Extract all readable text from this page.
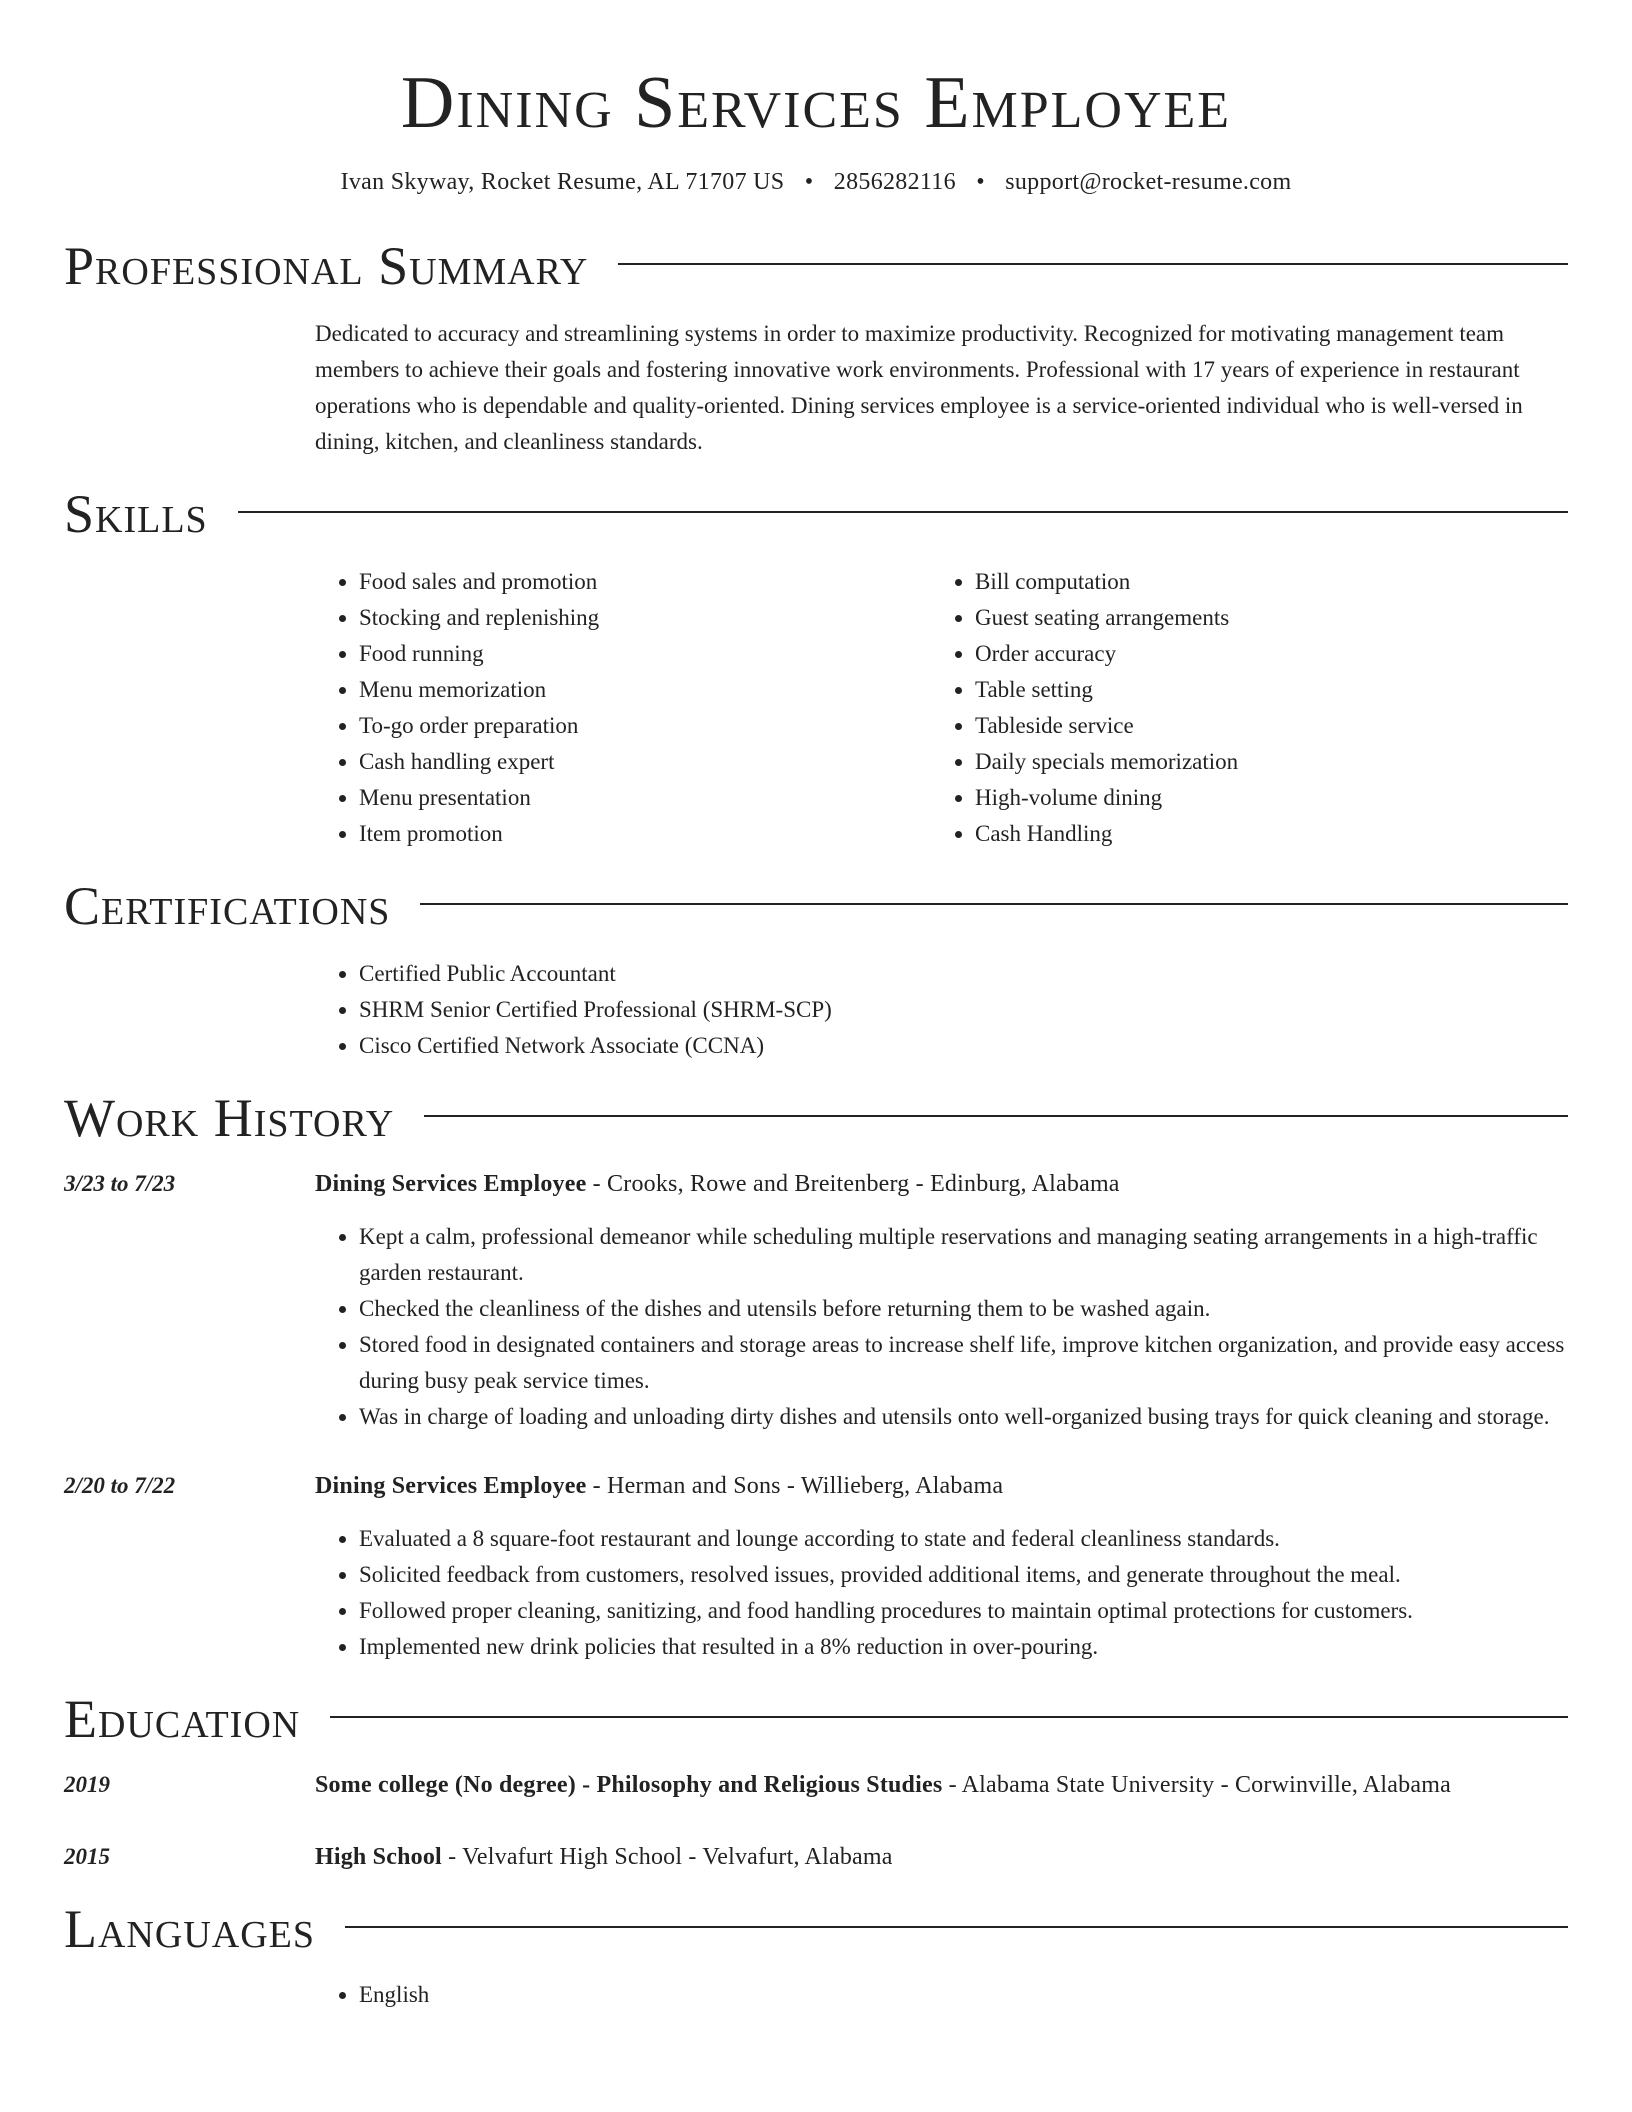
Dining Services Employee
Ivan Skyway, Rocket Resume, AL 71707 US • 2856282116 • support@rocket-resume.com
Professional Summary
Dedicated to accuracy and streamlining systems in order to maximize productivity. Recognized for motivating management team members to achieve their goals and fostering innovative work environments. Professional with 17 years of experience in restaurant operations who is dependable and quality-oriented. Dining services employee is a service-oriented individual who is well-versed in dining, kitchen, and cleanliness standards.
Skills
• Food sales and promotion
• Stocking and replenishing
• Food running
• Menu memorization
• To-go order preparation
• Cash handling expert
• Menu presentation
• Item promotion
• Bill computation
• Guest seating arrangements
• Order accuracy
• Table setting
• Tableside service
• Daily specials memorization
• High-volume dining
• Cash Handling
Certifications
• Certified Public Accountant
• SHRM Senior Certified Professional (SHRM-SCP)
• Cisco Certified Network Associate (CCNA)
Work History
3/23 to 7/23	Dining Services Employee - Crooks, Rowe and Breitenberg - Edinburg, Alabama
• Kept a calm, professional demeanor while scheduling multiple reservations and managing seating arrangements in a high-traffic garden restaurant.
• Checked the cleanliness of the dishes and utensils before returning them to be washed again.
• Stored food in designated containers and storage areas to increase shelf life, improve kitchen organization, and provide easy access during busy peak service times.
• Was in charge of loading and unloading dirty dishes and utensils onto well-organized busing trays for quick cleaning and storage.
2/20 to 7/22	Dining Services Employee - Herman and Sons - Willieberg, Alabama
• Evaluated a 8 square-foot restaurant and lounge according to state and federal cleanliness standards.
• Solicited feedback from customers, resolved issues, provided additional items, and generate throughout the meal.
• Followed proper cleaning, sanitizing, and food handling procedures to maintain optimal protections for customers.
• Implemented new drink policies that resulted in a 8% reduction in over-pouring.
Education
2019	Some college (No degree) - Philosophy and Religious Studies - Alabama State University - Corwinville, Alabama
2015	High School - Velvafurt High School - Velvafurt, Alabama
Languages
• English
